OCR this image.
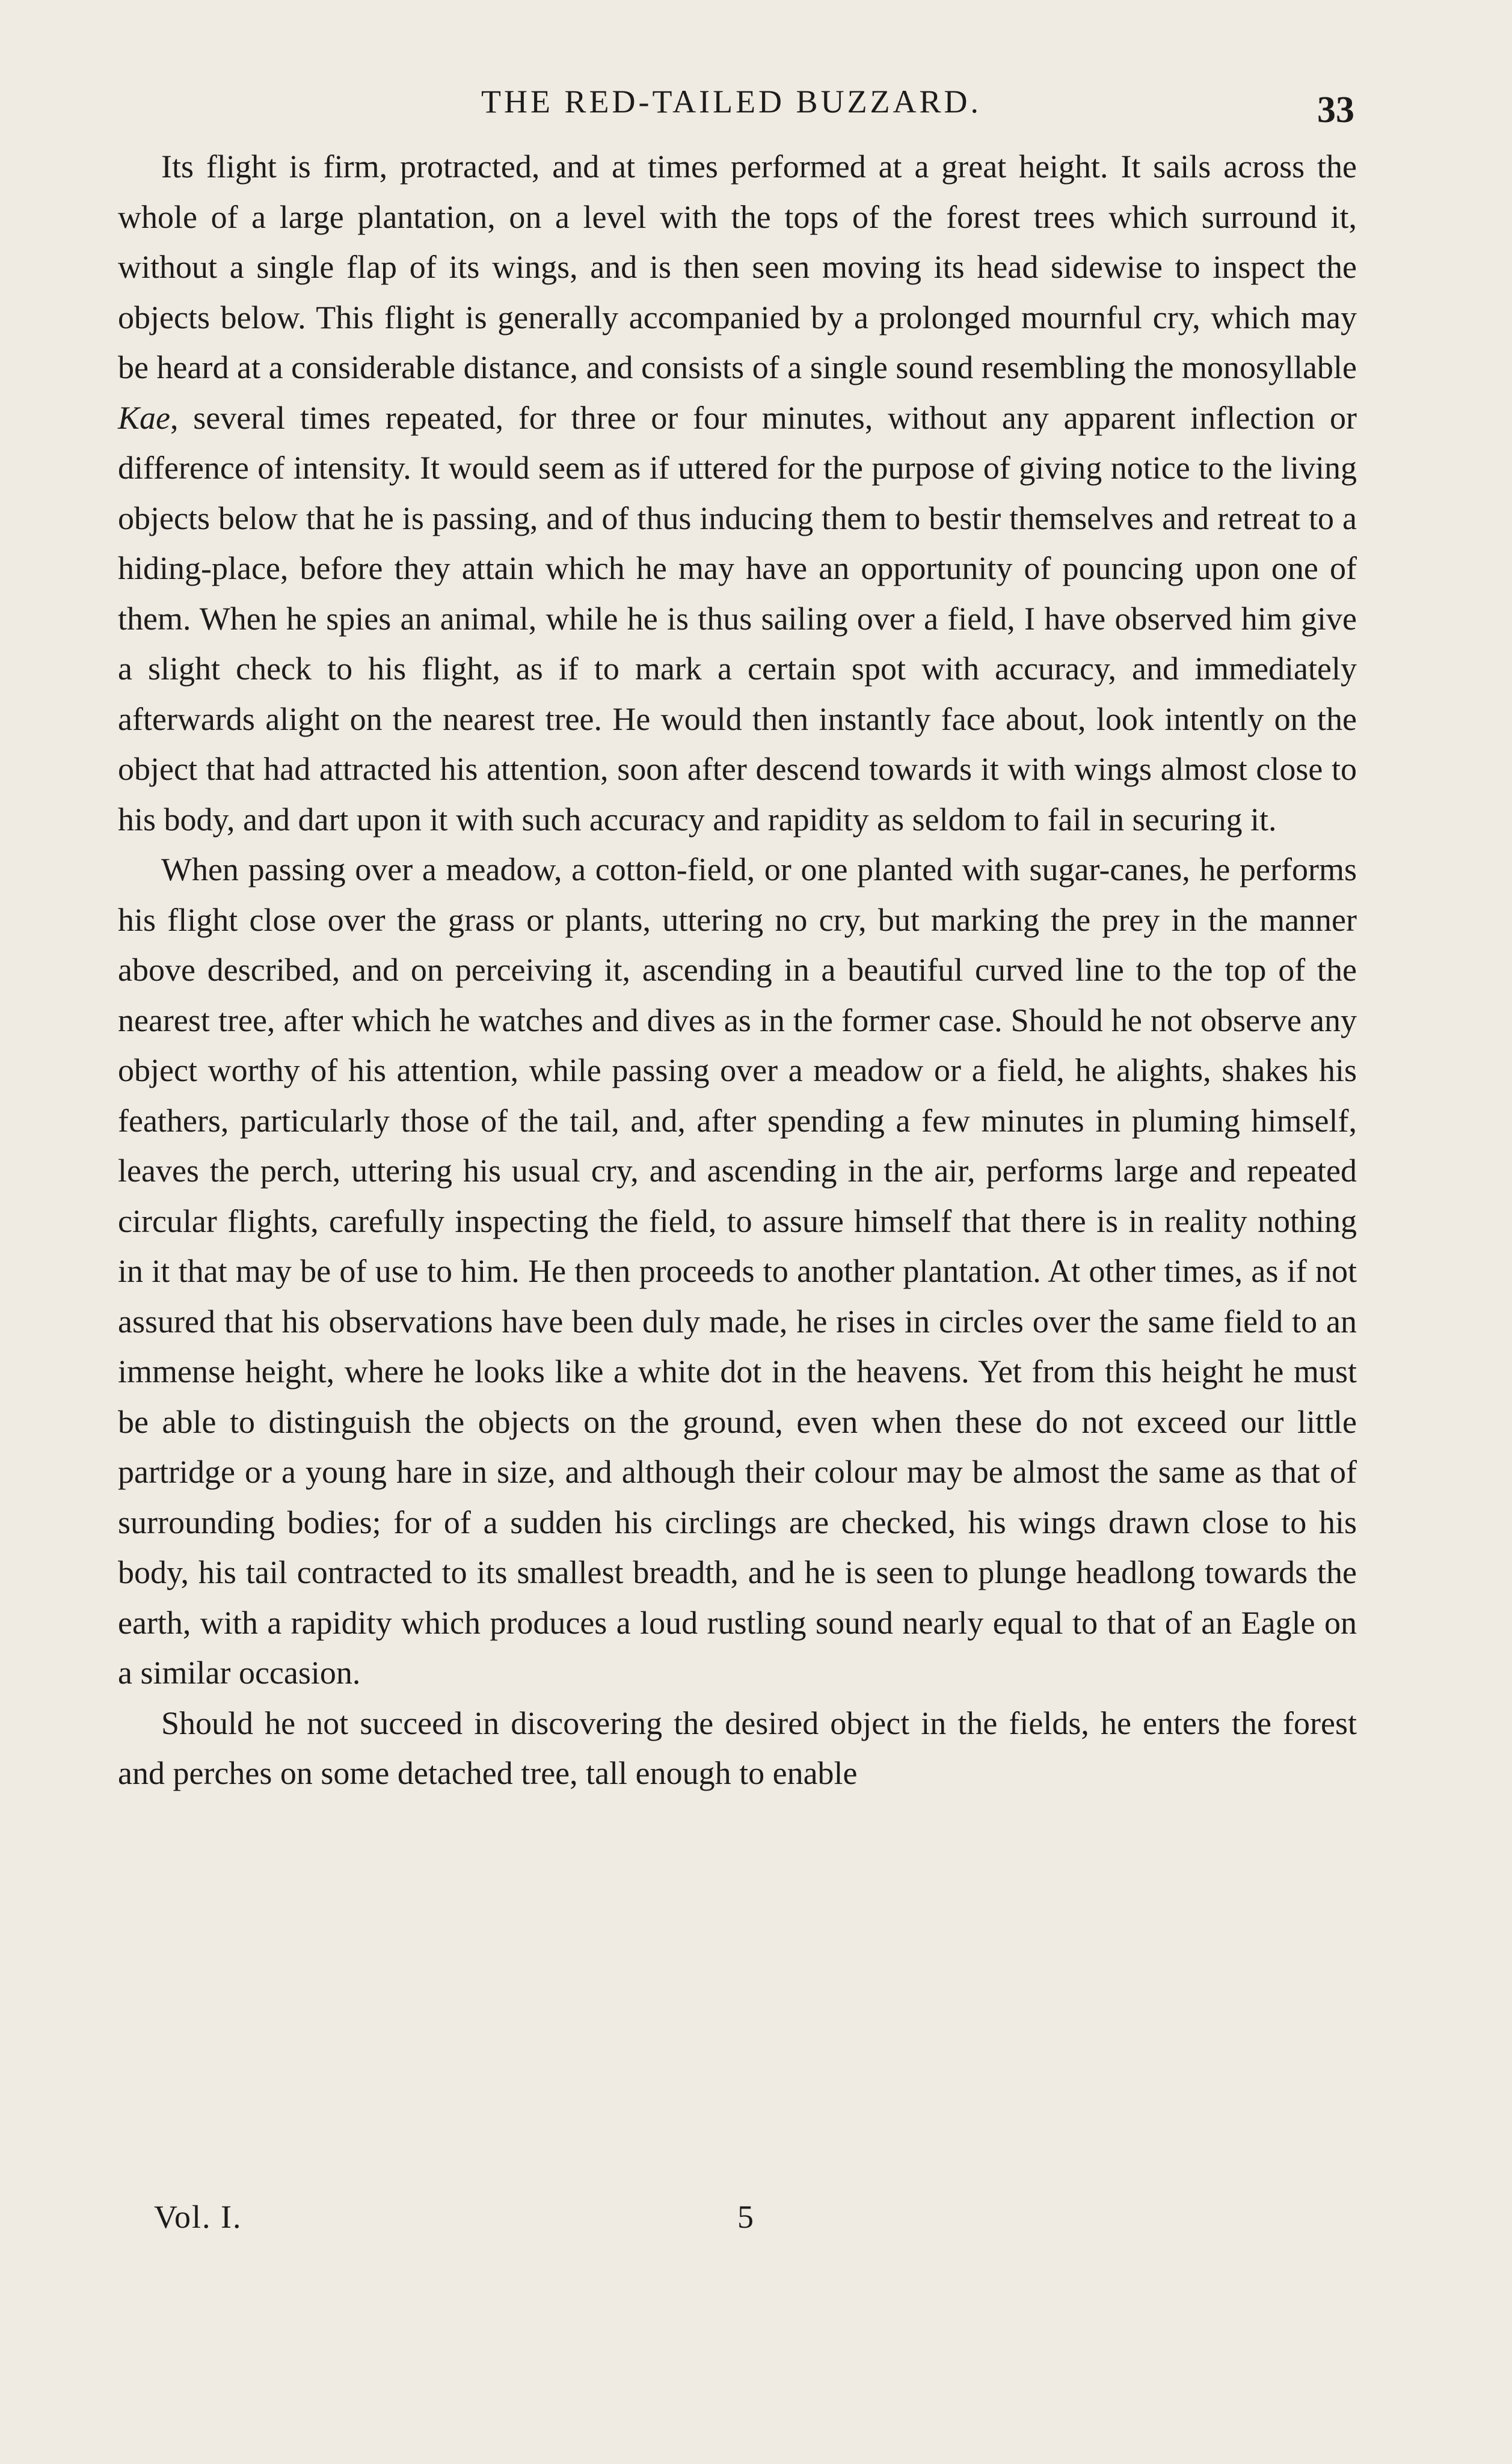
THE RED-TAILED BUZZARD.	33

Its flight is firm, protracted, and at times performed at a great height. It sails across the whole of a large plantation, on a level with the tops of the forest trees which surround it, without a single flap of its wings, and is then seen moving its head sidewise to inspect the objects below. This flight is generally accompanied by a prolonged mournful cry, which may be heard at a considerable distance, and consists of a single sound resembling the monosyllable Kae, several times repeated, for three or four minutes, without any apparent inflection or difference of intensity. It would seem as if uttered for the purpose of giving notice to the living objects below that he is passing, and of thus inducing them to bestir themselves and retreat to a hiding-place, before they attain which he may have an opportunity of pouncing upon one of them. When he spies an animal, while he is thus sailing over a field, I have observed him give a slight check to his flight, as if to mark a certain spot with accuracy, and immediately afterwards alight on the nearest tree. He would then instantly face about, look intently on the object that had attracted his attention, soon after descend towards it with wings almost close to his body, and dart upon it with such accuracy and rapidity as seldom to fail in securing it.

When passing over a meadow, a cotton-field, or one planted with sugar-canes, he performs his flight close over the grass or plants, uttering no cry, but marking the prey in the manner above described, and on perceiving it, ascending in a beautiful curved line to the top of the nearest tree, after which he watches and dives as in the former case. Should he not observe any object worthy of his attention, while passing over a meadow or a field, he alights, shakes his feathers, particularly those of the tail, and, after spending a few minutes in pluming himself, leaves the perch, uttering his usual cry, and ascending in the air, performs large and repeated circular flights, carefully inspecting the field, to assure himself that there is in reality nothing in it that may be of use to him. He then proceeds to another plantation. At other times, as if not assured that his observations have been duly made, he rises in circles over the same field to an immense height, where he looks like a white dot in the heavens. Yet from this height he must be able to distinguish the objects on the ground, even when these do not exceed our little partridge or a young hare in size, and although their colour may be almost the same as that of surrounding bodies; for of a sudden his circlings are checked, his wings drawn close to his body, his tail contracted to its smallest breadth, and he is seen to plunge headlong towards the earth, with a rapidity which produces a loud rustling sound nearly equal to that of an Eagle on a similar occasion.

Should he not succeed in discovering the desired object in the fields, he enters the forest and perches on some detached tree, tall enough to enable

Vol. I.	5
